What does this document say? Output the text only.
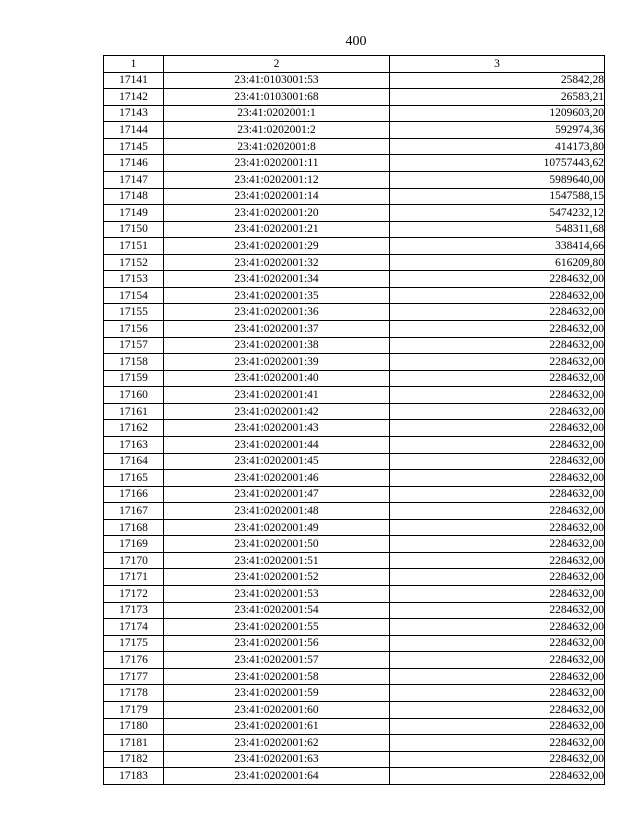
400
1	2	3
17141	23:41:0103001:53	25842,28
17142	23:41:0103001:68	26583,21
17143	23:41:0202001:1	1209603,20
17144	23:41:0202001:2	592974,36
17145	23:41:0202001:8	414173,80
17146	23:41:0202001:11	10757443,62
17147	23:41:0202001:12	5989640,00
17148	23:41:0202001:14	1547588,15
17149	23:41:0202001:20	5474232,12
17150	23:41:0202001:21	548311,68
17151	23:41:0202001:29	338414,66
17152	23:41:0202001:32	616209,80
17153	23:41:0202001:34	2284632,00
17154	23:41:0202001:35	2284632,00
17155	23:41:0202001:36	2284632,00
17156	23:41:0202001:37	2284632,00
17157	23:41:0202001:38	2284632,00
17158	23:41:0202001:39	2284632,00
17159	23:41:0202001:40	2284632,00
17160	23:41:0202001:41	2284632,00
17161	23:41:0202001:42	2284632,00
17162	23:41:0202001:43	2284632,00
17163	23:41:0202001:44	2284632,00
17164	23:41:0202001:45	2284632,00
17165	23:41:0202001:46	2284632,00
17166	23:41:0202001:47	2284632,00
17167	23:41:0202001:48	2284632,00
17168	23:41:0202001:49	2284632,00
17169	23:41:0202001:50	2284632,00
17170	23:41:0202001:51	2284632,00
17171	23:41:0202001:52	2284632,00
17172	23:41:0202001:53	2284632,00
17173	23:41:0202001:54	2284632,00
17174	23:41:0202001:55	2284632,00
17175	23:41:0202001:56	2284632,00
17176	23:41:0202001:57	2284632,00
17177	23:41:0202001:58	2284632,00
17178	23:41:0202001:59	2284632,00
17179	23:41:0202001:60	2284632,00
17180	23:41:0202001:61	2284632,00
17181	23:41:0202001:62	2284632,00
17182	23:41:0202001:63	2284632,00
17183	23:41:0202001:64	2284632,00
